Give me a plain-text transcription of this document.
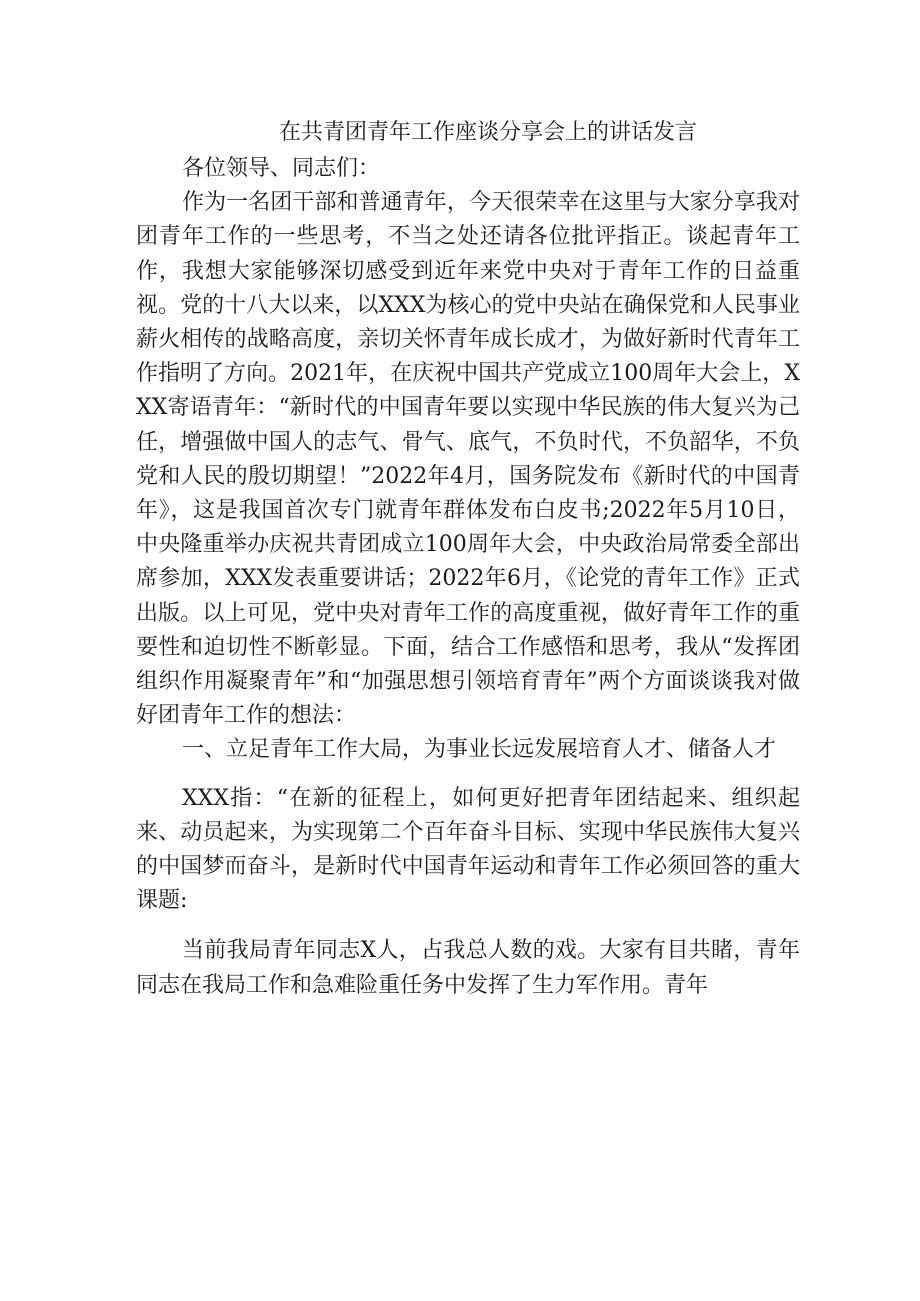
在共青团青年工作座谈分享会上的讲话发言

各位领导、同志们：

作为一名团干部和普通青年，今天很荣幸在这里与大家分享我对团青年工作的一些思考，不当之处还请各位批评指正。谈起青年工作，我想大家能够深切感受到近年来党中央对于青年工作的日益重视。党的十八大以来，以XXX为核心的党中央站在确保党和人民事业薪火相传的战略高度，亲切关怀青年成长成才，为做好新时代青年工作指明了方向。2021年，在庆祝中国共产党成立100周年大会上，XXX寄语青年：“新时代的中国青年要以实现中华民族的伟大复兴为己任，增强做中国人的志气、骨气、底气，不负时代，不负韶华，不负党和人民的殷切期望！”2022年4月，国务院发布《新时代的中国青年》，这是我国首次专门就青年群体发布白皮书;2022年5月10日，中央隆重举办庆祝共青团成立100周年大会，中央政治局常委全部出席参加，XXX发表重要讲话；2022年6月，《论党的青年工作》正式出版。以上可见，党中央对青年工作的高度重视，做好青年工作的重要性和迫切性不断彰显。下面，结合工作感悟和思考，我从“发挥团组织作用凝聚青年”和“加强思想引领培育青年”两个方面谈谈我对做好团青年工作的想法：

一、立足青年工作大局，为事业长远发展培育人才、储备人才

XXX指：“在新的征程上，如何更好把青年团结起来、组织起来、动员起来，为实现第二个百年奋斗目标、实现中华民族伟大复兴的中国梦而奋斗，是新时代中国青年运动和青年工作必须回答的重大课题:

当前我局青年同志X人，占我总人数的戏。大家有目共睹，青年同志在我局工作和急难险重任务中发挥了生力军作用。青年
